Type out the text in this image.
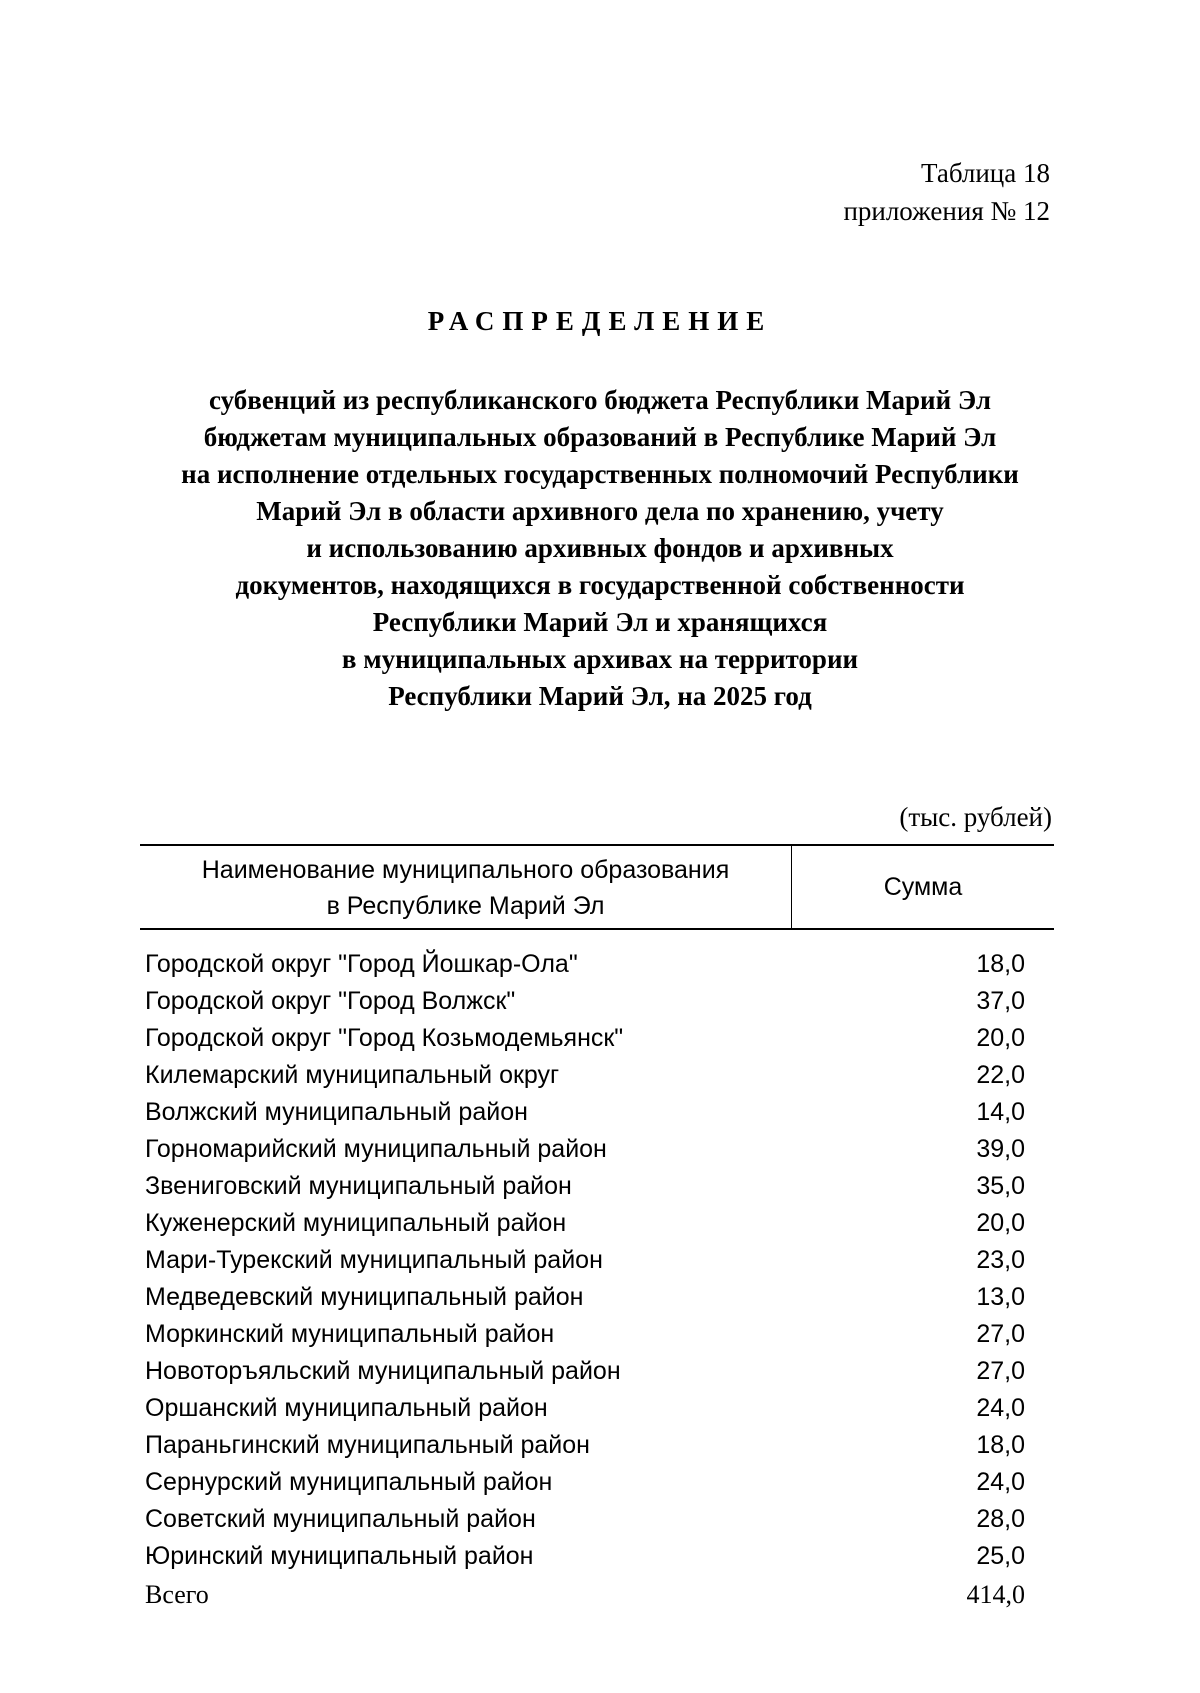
Таблица 18
приложения № 12
РАСПРЕДЕЛЕНИЕ
субвенций из республиканского бюджета Республики Марий Эл
бюджетам муниципальных образований в Республике Марий Эл
на исполнение отдельных государственных полномочий Республики
Марий Эл в области архивного дела по хранению, учету
и использованию архивных фондов и архивных
документов, находящихся в государственной собственности
Республики Марий Эл и хранящихся
в муниципальных архивах на территории
Республики Марий Эл, на 2025 год
(тыс. рублей)
Наименование муниципального образования
в Республике Марий Эл
Сумма
Городской округ "Город Йошкар-Ола"	18,0
Городской округ "Город Волжск"	37,0
Городской округ "Город Козьмодемьянск"	20,0
Килемарский муниципальный округ	22,0
Волжский муниципальный район	14,0
Горномарийский муниципальный район	39,0
Звениговский муниципальный район	35,0
Куженерский муниципальный район	20,0
Мари-Турекский муниципальный район	23,0
Медведевский муниципальный район	13,0
Моркинский муниципальный район	27,0
Новоторъяльский муниципальный район	27,0
Оршанский муниципальный район	24,0
Параньгинский муниципальный район	18,0
Сернурский муниципальный район	24,0
Советский муниципальный район	28,0
Юринский муниципальный район	25,0
Всего	414,0
